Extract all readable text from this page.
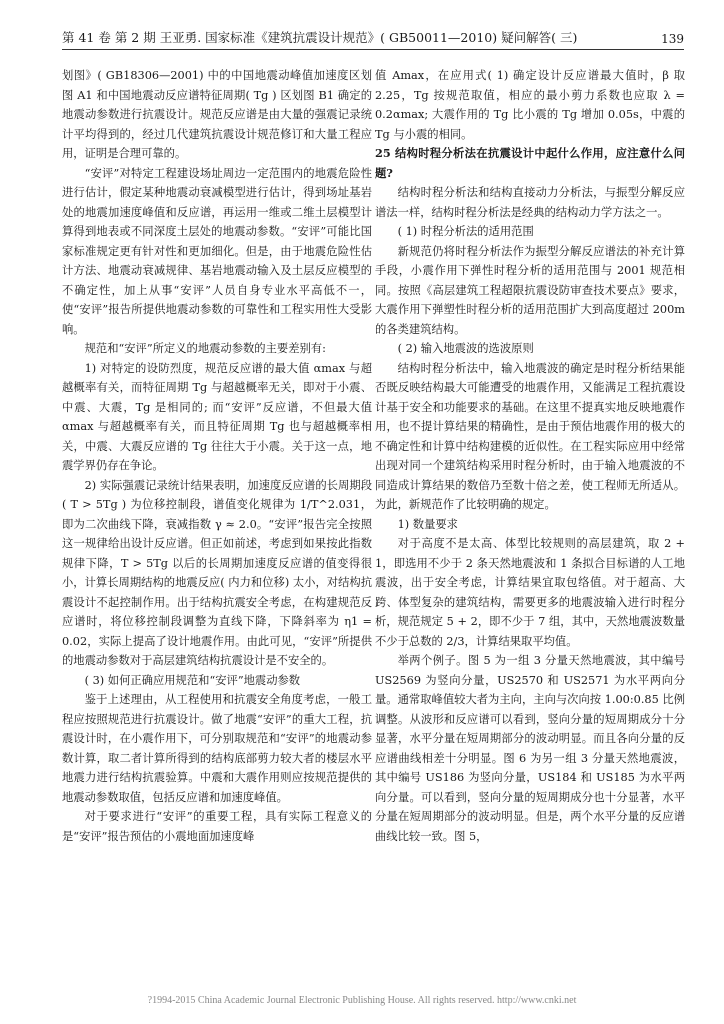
第 41 卷 第 2 期 王亚勇. 国家标准《建筑抗震设计规范》( GB50011—2010) 疑问解答( 三)	139

划图》( GB18306—2001) 中的中国地震动峰值加速度区划图 A1 和中国地震动反应谱特征周期( Tg ) 区划图 B1 确定的地震动参数进行抗震设计。规范反应谱是由大量的强震记录统计平均得到的，经过几代建筑抗震设计规范修订和大量工程应用，证明是合理可靠的。

“安评”对特定工程建设场址周边一定范围内的地震危险性进行估计，假定某种地震动衰减模型进行估计，得到场址基岩处的地震加速度峰值和反应谱，再运用一维或二维土层模型计算得到地表或不同深度土层处的地震动参数。“安评”可能比国家标准规定更有针对性和更加细化。但是，由于地震危险性估计方法、地震动衰减规律、基岩地震动输入及土层反应模型的不确定性，加上从事“安评”人员自身专业水平高低不一，使“安评”报告所提供地震动参数的可靠性和工程实用性大受影响。

规范和“安评”所定义的地震动参数的主要差别有:

1) 对特定的设防烈度，规范反应谱的最大值 αmax 与超越概率有关，而特征周期 Tg 与超越概率无关，即对于小震、中震、大震，Tg 是相同的; 而“安评”反应谱，不但最大值 αmax 与超越概率有关，而且特征周期 Tg 也与超越概率相关，中震、大震反应谱的 Tg 往往大于小震。关于这一点，地震学界仍存在争论。

2) 实际强震记录统计结果表明，加速度反应谱的长周期段( T > 5Tg ) 为位移控制段，谱值变化规律为 1/T^2.031，即为二次曲线下降，衰减指数 γ ≈ 2.0。“安评”报告完全按照这一规律给出设计反应谱。但正如前述，考虑到如果按此指数规律下降，T > 5Tg 以后的长周期加速度反应谱的值变得很小，计算长周期结构的地震反应( 内力和位移) 太小，对结构抗震设计不起控制作用。出于结构抗震安全考虑，在构建规范反应谱时，将位移控制段调整为直线下降，下降斜率为 η1 = 0.02，实际上提高了设计地震作用。由此可见，“安评”所提供的地震动参数对于高层建筑结构抗震设计是不安全的。

( 3) 如何正确应用规范和“安评”地震动参数

鉴于上述理由，从工程使用和抗震安全角度考虑，一般工程应按照规范进行抗震设计。做了地震“安评”的重大工程，抗震设计时，在小震作用下，可分别取规范和“安评”的地震动参数计算，取二者计算所得到的结构底部剪力较大者的楼层水平地震力进行结构抗震验算。中震和大震作用则应按规范提供的地震动参数取值，包括反应谱和加速度峰值。

对于要求进行“安评”的重要工程，具有实际工程意义的是“安评”报告预估的小震地面加速度峰

值 Amax，在应用式( 1) 确定设计反应谱最大值时，β 取 2.25，Tg 按规范取值，相应的最小剪力系数也应取 λ = 0.2αmax; 大震作用的 Tg 比小震的 Tg 增加 0.05s，中震的 Tg 与小震的相同。

25 结构时程分析法在抗震设计中起什么作用，应注意什么问题?

结构时程分析法和结构直接动力分析法，与振型分解反应谱法一样，结构时程分析法是经典的结构动力学方法之一。

( 1) 时程分析法的适用范围

新规范仍将时程分析法作为振型分解反应谱法的补充计算手段，小震作用下弹性时程分析的适用范围与 2001 规范相同。按照《高层建筑工程超限抗震设防审查技术要点》要求，大震作用下弹塑性时程分析的适用范围扩大到高度超过 200m 的各类建筑结构。

( 2) 输入地震波的选波原则

结构时程分析法中，输入地震波的确定是时程分析结果能否既反映结构最大可能遭受的地震作用，又能满足工程抗震设计基于安全和功能要求的基础。在这里不提真实地反映地震作用，也不提计算结果的精确性，是由于预估地震作用的极大的不确定性和计算中结构建模的近似性。在工程实际应用中经常出现对同一个建筑结构采用时程分析时，由于输入地震波的不同造成计算结果的数倍乃至数十倍之差，使工程师无所适从。为此，新规范作了比较明确的规定。

1) 数量要求

对于高度不是太高、体型比较规则的高层建筑，取 2 + 1，即选用不少于 2 条天然地震波和 1 条拟合目标谱的人工地震波，出于安全考虑，计算结果宜取包络值。对于超高、大跨、体型复杂的建筑结构，需要更多的地震波输入进行时程分析，规范规定 5 + 2，即不少于 7 组，其中，天然地震波数量不少于总数的 2/3，计算结果取平均值。

举两个例子。图 5 为一组 3 分量天然地震波，其中编号 US2569 为竖向分量，US2570 和 US2571 为水平两向分量。通常取峰值较大者为主向，主向与次向按 1.00:0.85 比例调整。从波形和反应谱可以看到，竖向分量的短周期成分十分显著，水平分量在短周期部分的波动明显。而且各向分量的反应谱曲线相差十分明显。图 6 为另一组 3 分量天然地震波，其中编号 US186 为竖向分量，US184 和 US185 为水平两向分量。可以看到，竖向分量的短周期成分也十分显著，水平分量在短周期部分的波动明显。但是，两个水平分量的反应谱曲线比较一致。图 5，

?1994-2015 China Academic Journal Electronic Publishing House. All rights reserved. http://www.cnki.net
